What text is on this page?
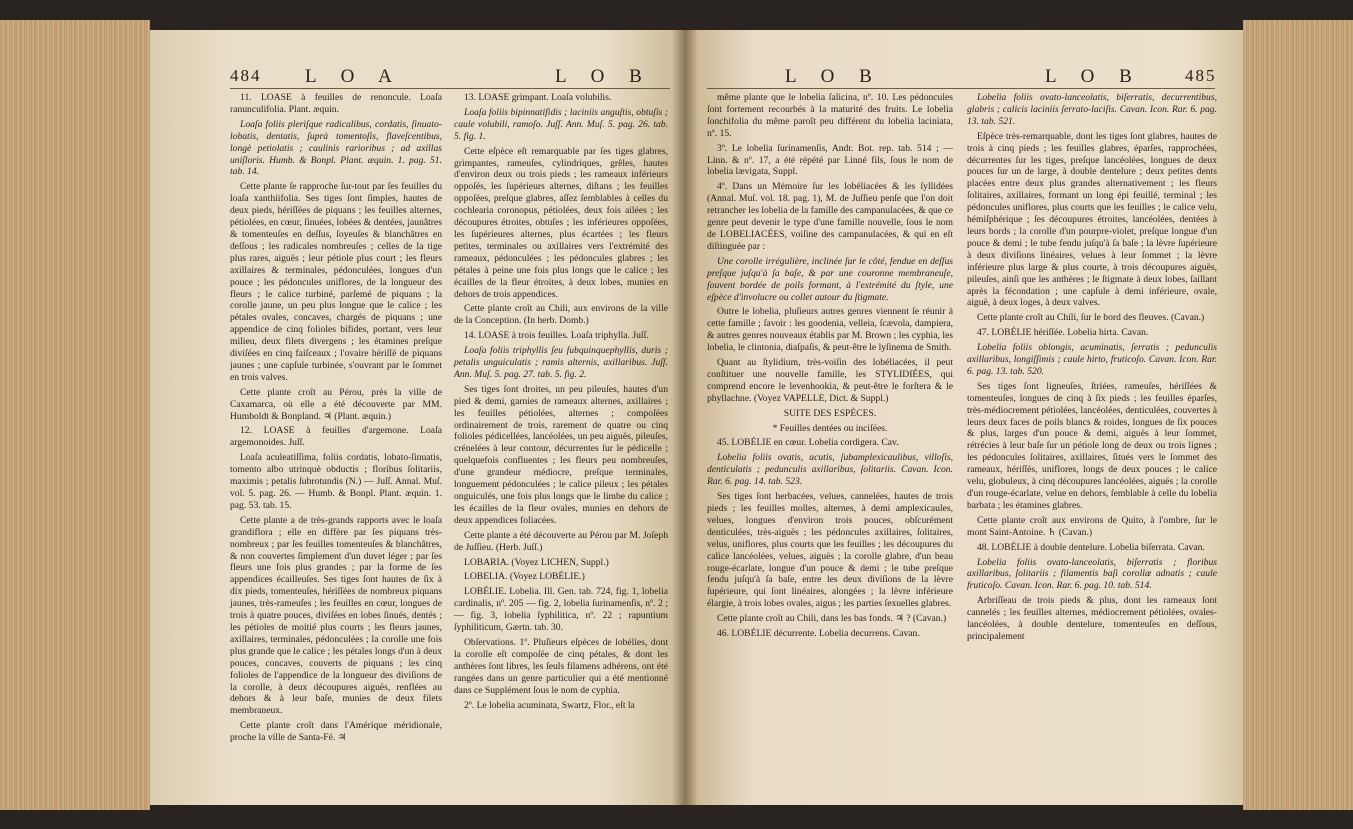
484 L O A	L O B

11. LOASE à feuilles de renoncule. Loaſa ranunculifolia. Plant. æquin.

Loaſa foliis plerìſque radicalibus, cordatis, ſinuato-lobatis, dentatis, ſuprà tomentoſis, flaveſcentibus, longè petiolatis ; caulinis rarioribus ; ad axillas uniſloris. Humb. & Bonpl. Plant. æquin. 1. pag. 51. tab. 14.

Cette plante ſe rapproche ſur-tout par ſes feuilles du loaſa xanthiifolia. Ses tiges ſont ſimples, hautes de deux pieds, hériſſées de piquans ; les feuilles alternes, pétiolées, en cœur, ſinuées, lobées & dentées, jaunâtres & tomenteuſes en deſſus, ſoyeuſes & blanchâtres en deſſous ; les radicales nombreuſes ; celles de la tige plus rares, aiguës ; leur pétiole plus court ; les fleurs axillaires & terminales, pédonculées, longues d'un pouce ; les pédoncules uniflores, de la longueur des fleurs ; le calice turbiné, parſemé de piquans ; la corolle jaune, un peu plus longue que le calice ; les pétales ovales, concaves, chargés de piquans ; une appendice de cinq folioles bifides, portant, vers leur milieu, deux filets divergens ; les étamines preſque diviſées en cinq faiſceaux ; l'ovaire hériſſé de piquans jaunes ; une capſule turbinée, s'ouvrant par le ſommet en trois valves.

Cette plante croît au Pérou, près la ville de Caxamarca, où elle a été découverte par MM. Humboldt & Bonpland. ♃ (Plant. æquin.)

12. LOASE à feuilles d'argemone. Loaſa argemonoides. Juſſ.

Loaſa aculeatiſſima, foliis cordatis, lobato-ſinuatis, tomento albo utrinquè obductis ; floribus ſolitariis, maximis ; petalis ſubrotundis (N.) — Juſſ. Annal. Muſ. vol. 5. pag. 26. — Humb. & Bonpl. Plant. æquin. 1. pag. 53. tab. 15.

Cette plante a de très-grands rapports avec le loaſa grandiflora ; elle en diffère par ſes piquans très-nombreux ; par ſes feuilles tomenteuſes & blanchâtres, & non couvertes ſimplement d'un duvet léger ; par ſes fleurs une fois plus grandes ; par la forme de ſes appendices écailleuſes. Ses tiges ſont hautes de ſix à dix pieds, tomenteuſes, hériſſées de nombreux piquans jaunes, très-rameuſes ; les feuilles en cœur, longues de trois à quatre pouces, diviſées en lobes ſinués, dentés ; les pétioles de moitié plus courts ; les fleurs jaunes, axillaires, terminales, pédonculées ; la corolle une fois plus grande que le calice ; les pétales longs d'un à deux pouces, concaves, couverts de piquans ; les cinq folioles de l'appendice de la longueur des diviſions de la corolle, à deux découpures aiguës, renflées au dehors & à leur baſe, munies de deux filets membraneux.

Cette plante croît dans l'Amérique méridionale, proche la ville de Santa-Fé. ♃

13. LOASE grimpant. Loaſa volubilis.

Loaſa foliis bipinnatifidis ; laciniis anguſtis, obtuſis ; caule volubili, ramoſo. Juſſ. Ann. Muſ. 5. pag. 26. tab. 5. fig. 1.

Cette eſpèce eſt remarquable par ſes tiges glabres, grimpantes, rameuſes, cylindriques, grêles, hautes d'environ deux ou trois pieds ; les rameaux inférieurs oppoſés, les ſupérieurs alternes, diſtans ; les feuilles oppoſées, preſque glabres, aſſez ſemblables à celles du cochlearia coronopus, pétiolées, deux fois ailées ; les découpures étroites, obtuſes ; les inférieures oppoſées, les ſupérieures alternes, plus écartées ; les fleurs petites, terminales ou axillaires vers l'extrémité des rameaux, pédonculées ; les pédoncules glabres ; les pétales à peine une fois plus longs que le calice ; les écailles de la fleur étroites, à deux lobes, munies en dehors de trois appendices.

Cette plante croît au Chili, aux environs de la ville de la Conception. (In herb. Domb.)

14. LOASE à trois feuilles. Loaſa triphylla. Juſſ.

Loaſa foliis triphyllis ſeu ſubquinquephyllis, duris ; petalis unguiculatis ; ramis alternis, axillaribus. Juſſ. Ann. Muſ. 5. pag. 27. tab. 5. fig. 2.

Ses tiges ſont droites, un peu pileuſes, hautes d'un pied & demi, garnies de rameaux alternes, axillaires ; les feuilles pétiolées, alternes ; compoſées ordinairement de trois, rarement de quatre ou cinq folioles pédicellées, lancéolées, un peu aiguës, pileuſes, crénelées à leur contour, décurrentes ſur le pédicelle ; quelquefois confluentes ; les fleurs peu nombreuſes, d'une grandeur médiocre, preſque terminales, longuement pédonculées ; le calice pileux ; les pétales onguiculés, une fois plus longs que le limbe du calice ; les écailles de la fleur ovales, munies en dehors de deux appendices foliacées.

Cette plante a été découverte au Pérou par M. Joſeph de Juſſieu. (Herb. Juſſ.)

LOBARIA. (Voyez LICHEN, Suppl.)

LOBELIA. (Voyez LOBÉLIE.)

LOBÉLIE. Lobelia. Ill. Gen. tab. 724, fig. 1, lobelia cardinalis, nº. 205 — fig. 2, lobelia ſurinamenſis, nº. 2 ; — fig. 3, lobelia ſyphilitica, nº. 22 ; rapuntium ſyphiliticum, Gærtn. tab. 30.

Obſervations. 1º. Pluſieurs eſpèces de lobélies, dont la corolle eſt compoſée de cinq pétales, & dont les anthères ſont libres, les ſeuls filamens adhérens, ont été rangées dans un genre particulier qui a été mentionné dans ce Supplément ſous le nom de cyphia.

2º. Le lobelia acuminata, Swartz, Flor., eſt la

L O B	L O B	485

même plante que le lobelia ſalicina, nº. 10. Les pédoncules ſont fortement recourbés à la maturité des fruits. Le lobelia ſonchifolia du même paroît peu différent du lobelia laciniata, nº. 15.

3º. Le lobelia ſurinamenſis, Andr. Bot. rep. tab. 514 ; — Linn. & nº. 17, a été répété par Linné fils, ſous le nom de lobelia lævigata, Suppl.

4º. Dans un Mémoire ſur les lobéliacées & les ſyllidées (Annal. Muſ. vol. 18. pag. 1), M. de Juſſieu penſe que l'on doit retrancher les lobelia de la famille des campanulacées, & que ce genre peut devenir le type d'une famille nouvelle, ſous le nom de LOBELIACÉES, voiſine des campanulacées, & qui en eſt diſtinguée par :

Une corolle irrégulière, inclinée ſur le côté, fendue en deſſus preſque juſqu'à ſa baſe, & par une couronne membraneuſe, ſouvent bordée de poils formant, à l'extrémité du ſtyle, une eſpèce d'involucre ou collet autour du ſtigmate.

Outre le lobelia, pluſieurs autres genres viennent ſe réunir à cette famille ; ſavoir : les goodenia, velleia, ſcævola, dampiera, & autres genres nouveaux établis par M. Brown ; les cyphia, les lobelia, le clintonia, diaſpaſis, & peut-être le lyſinema de Smith.

Quant au ſtylidium, très-voiſin des lobéliacées, il peut conſtituer une nouvelle famille, les STYLIDIÉES, qui comprend encore le levenhookia, & peut-être le forſtera & le phyllachne. (Voyez VAPELLE, Dict. & Suppl.)

SUITE DES ESPÈCES.

* Feuilles dentées ou inciſées.

45. LOBÉLIE en cœur. Lobelia cordigera. Cav.

Lobelia foliis ovatis, acutis, ſubamplexicaulibus, villoſis, denticulatis ; pedunculis axillaribus, ſolitariis. Cavan. Icon. Rar. 6. pag. 14. tab. 523.

Ses tiges ſont herbacées, velues, cannelées, hautes de trois pieds ; les feuilles molles, alternes, à demi amplexicaules, velues, longues d'environ trois pouces, obſcurément denticulées, très-aiguës ; les pédoncules axillaires, ſolitaires, velus, uniflores, plus courts que les feuilles ; les découpures du calice lancéolées, velues, aiguës ; la corolle glabre, d'un beau rouge-écarlate, longue d'un pouce & demi ; le tube preſque fendu juſqu'à ſa baſe, entre les deux diviſions de la lèvre ſupérieure, qui ſont linéaires, alongées ; la lèvre inférieure élargie, à trois lobes ovales, aigus ; les parties ſexuelles glabres.

Cette plante croît au Chili, dans les bas fonds. ♃ ? (Cavan.)

46. LOBÉLIE décurrente. Lobelia decurrens. Cavan.

Lobelia foliis ovato-lanceolatis, biſerratis, decurrentibus, glabris ; calicis laciniis ſerrato-laciſis. Cavan. Icon. Rar. 6. pag. 13. tab. 521.

Eſpèce très-remarquable, dont les tiges ſont glabres, hautes de trois à cinq pieds ; les feuilles glabres, éparſes, rapprochées, décurrentes ſur les tiges, preſque lancéolées, longues de deux pouces ſur un de large, à double dentelure ; deux petites dents placées entre deux plus grandes alternativement ; les fleurs ſolitaires, axillaires, formant un long épi feuillé, terminal ; les pédoncules uniflores, plus courts que les feuilles ; le calice velu, hémiſphérique ; ſes découpures étroites, lancéolées, dentées à leurs bords ; la corolle d'un pourpre-violet, preſque longue d'un pouce & demi ; le tube fendu juſqu'à ſa baſe ; la lèvre ſupérieure à deux diviſions linéaires, velues à leur ſommet ; la lèvre inférieure plus large & plus courte, à trois découpures aiguës, pileuſes, ainſi que les anthères ; le ſtigmate à deux lobes, ſaillant après la fécondation ; une capſule à demi inférieure, ovale, aiguë, à deux loges, à deux valves.

Cette plante croît au Chili, ſur le bord des fleuves. (Cavan.)

47. LOBÉLIE hériſſée. Lobelia hirta. Cavan.

Lobelia foliis oblongis, acuminatis, ſerratis ; pedunculis axillaribus, longiſſimis ; caule hirto, fruticoſo. Cavan. Icon. Rar. 6. pag. 13. tab. 520.

Ses tiges ſont ligneuſes, ſtriées, rameuſes, hériſſées & tomenteuſes, longues de cinq à ſix pieds ; les feuilles éparſes, très-médiocrement pétiolées, lancéolées, denticulées, couvertes à leurs deux faces de poils blancs & roides, longues de ſix pouces & plus, larges d'un pouce & demi, aiguës à leur ſommet, rétrécies à leur baſe ſur un pétiole long de deux ou trois lignes ; les pédoncules ſolitaires, axillaires, ſitués vers le ſommet des rameaux, hériſſés, uniflores, longs de deux pouces ; le calice velu, globuleux, à cinq découpures lancéolées, aiguës ; la corolle d'un rouge-écarlate, velue en dehors, ſemblable à celle du lobelia barbata ; les étamines glabres.

Cette plante croît aux environs de Quito, à l'ombre, ſur le mont Saint-Antoine. ♄ (Cavan.)

48. LOBÉLIE à double dentelure. Lobelia biſerrata. Cavan.

Lobelia foliis ovato-lanceolatis, biſerratis ; floribus axillaribus, ſolitariis ; filamentis baſi corollæ adnatis ; caule fruticoſo. Cavan. Icon. Rar. 6. pag. 10. tab. 514.

Arbriſſeau de trois pieds & plus, dont les rameaux ſont cannelés ; les feuilles alternes, médiocrement pétiolées, ovales-lancéolées, à double dentelure, tomenteuſes en deſſous, principalement
